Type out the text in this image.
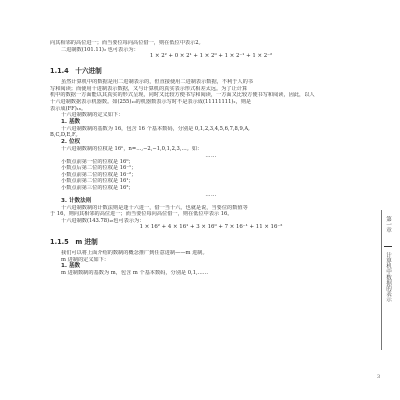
向其相邻的高位进一；而当要位每向高位借一，则在低位中表示2。

二进制数(101.11)₂ 也可表示为：

1 × 2² + 0 × 2¹ + 1 × 2⁰ + 1 × 2⁻¹ + 1 × 2⁻²

1.1.4　十六进制

虽然计算机中的数据是用二进制表示的，但直接使用二进制表示数据，不利于人的书

写和阅读；而使用十进制表示数据，又与计算机的真实表示形式相差太远。为了让计算

机中的数据一方面能以其真实的形式呈现，同时又比较方便书写和阅读，一方面又比较方便书写和阅读，因此，以人

十六进制数据表示机器数。如(255)₁₀的机器数表示写时不是表示成(11111111)₂，则是

表示成(FF)₁₆。

十六进制数制的定义如下：

1. 基数

十六进制数制的基数为 16，包含 16 个基本数码，分别是 0,1,2,3,4,5,6,7,8,9,A,

B,C,D,E,F。

2. 位权

十六进制数制的位权是 16ⁿ，n=…,−2,−1,0,1,2,3,…。如：

……

小数点前第一位的位权是 16⁰；

小数点后第二位的位权是 16⁻¹；

小数点前第二位的位权是 16⁻²；

小数点前第二位的位权是 16¹；

小数点前第三位的位权是 16²；

……

3. 计数法则

十六进制数制的计数法则是逢十六进一，借一当十六。也就是说，当要位的数值等

于 16，则向其相邻的高位进一；而当要位每向高位借一，则在低位中表示 16。

十六进制数(143.78)₁₆也可表示为：

1 × 16² + 4 × 16¹ + 3 × 16⁰ + 7 × 16⁻¹ + 11 × 16⁻²

1.1.5　m 进制

我们可以将上面介绍的数制的概念推广到任意进制——m 进制。

m 进制的定义如下：

1. 基数

m 进制数制的基数为 m，包含 m 个基本数码，分别是 0,1,……

第一章
计算机中数据的表示
3
